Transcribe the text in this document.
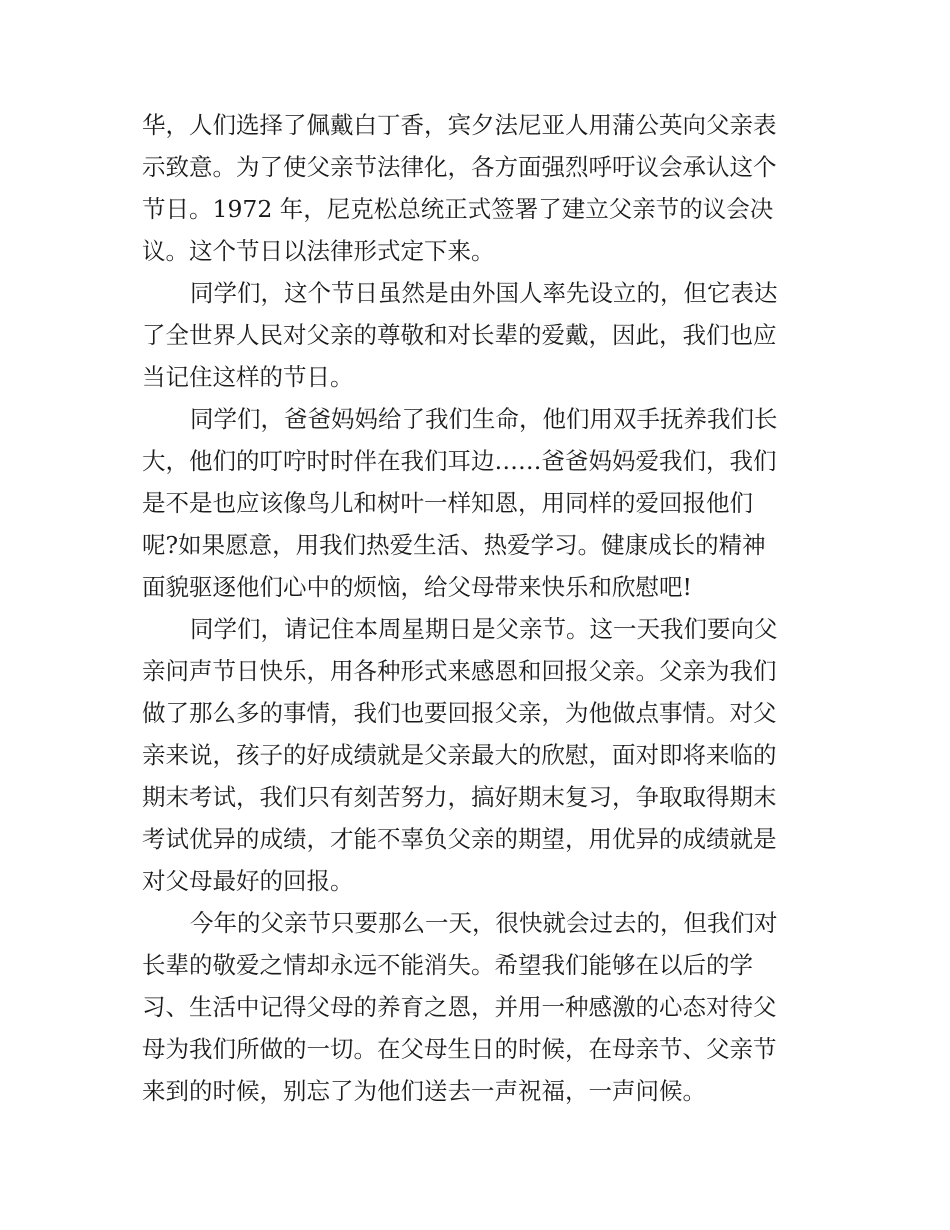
华，人们选择了佩戴白丁香，宾夕法尼亚人用蒲公英向父亲表
示致意。为了使父亲节法律化，各方面强烈呼吁议会承认这个
节日。1972 年，尼克松总统正式签署了建立父亲节的议会决
议。这个节日以法律形式定下来。
同学们，这个节日虽然是由外国人率先设立的，但它表达
了全世界人民对父亲的尊敬和对长辈的爱戴，因此，我们也应
当记住这样的节日。
同学们，爸爸妈妈给了我们生命，他们用双手抚养我们长
大，他们的叮咛时时伴在我们耳边……爸爸妈妈爱我们，我们
是不是也应该像鸟儿和树叶一样知恩，用同样的爱回报他们
呢?如果愿意，用我们热爱生活、热爱学习。健康成长的精神
面貌驱逐他们心中的烦恼，给父母带来快乐和欣慰吧!
同学们，请记住本周星期日是父亲节。这一天我们要向父
亲问声节日快乐，用各种形式来感恩和回报父亲。父亲为我们
做了那么多的事情，我们也要回报父亲，为他做点事情。对父
亲来说，孩子的好成绩就是父亲最大的欣慰，面对即将来临的
期末考试，我们只有刻苦努力，搞好期末复习，争取取得期末
考试优异的成绩，才能不辜负父亲的期望，用优异的成绩就是
对父母最好的回报。
今年的父亲节只要那么一天，很快就会过去的，但我们对
长辈的敬爱之情却永远不能消失。希望我们能够在以后的学
习、生活中记得父母的养育之恩，并用一种感激的心态对待父
母为我们所做的一切。在父母生日的时候，在母亲节、父亲节
来到的时候，别忘了为他们送去一声祝福，一声问候。
